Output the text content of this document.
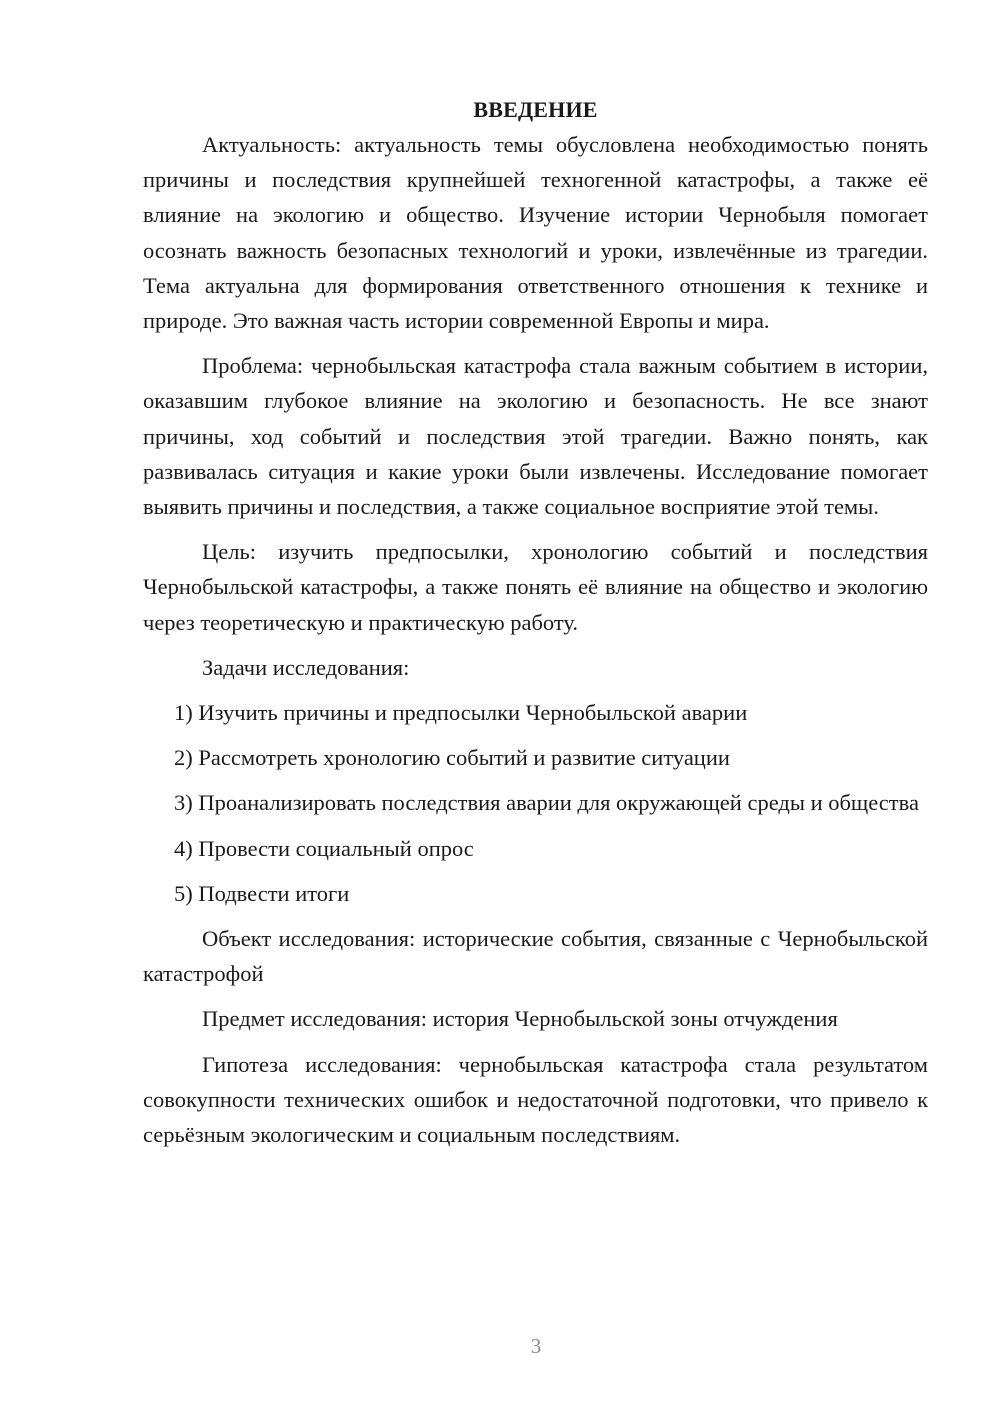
ВВЕДЕНИЕ

Актуальность: актуальность темы обусловлена необходимостью понять причины и последствия крупнейшей техногенной катастрофы, а также её влияние на экологию и общество. Изучение истории Чернобыля помогает осознать важность безопасных технологий и уроки, извлечённые из трагедии. Тема актуальна для формирования ответственного отношения к технике и природе. Это важная часть истории современной Европы и мира.

Проблема: чернобыльская катастрофа стала важным событием в истории, оказавшим глубокое влияние на экологию и безопасность. Не все знают причины, ход событий и последствия этой трагедии. Важно понять, как развивалась ситуация и какие уроки были извлечены. Исследование помогает выявить причины и последствия, а также социальное восприятие этой темы.

Цель: изучить предпосылки, хронологию событий и последствия Чернобыльской катастрофы, а также понять её влияние на общество и экологию через теоретическую и практическую работу.

Задачи исследования:

1) Изучить причины и предпосылки Чернобыльской аварии
2) Рассмотреть хронологию событий и развитие ситуации
3) Проанализировать последствия аварии для окружающей среды и общества
4) Провести социальный опрос
5) Подвести итоги

Объект исследования: исторические события, связанные с Чернобыльской катастрофой

Предмет исследования: история Чернобыльской зоны отчуждения

Гипотеза исследования: чернобыльская катастрофа стала результатом совокупности технических ошибок и недостаточной подготовки, что привело к серьёзным экологическим и социальным последствиям.

3
